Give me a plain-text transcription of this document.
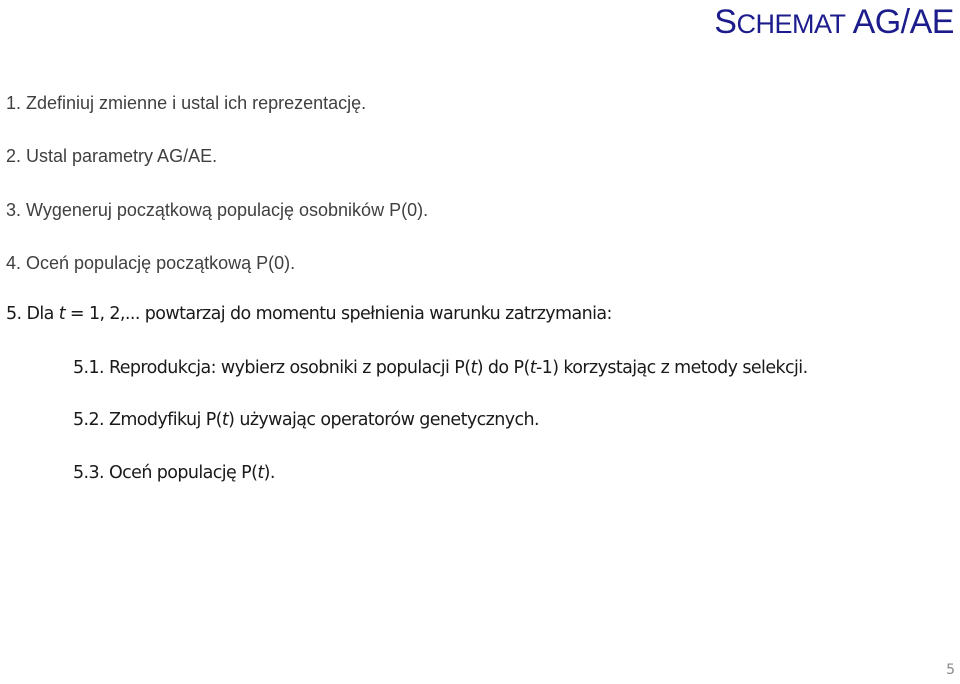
SCHEMAT AG/AE
1. Zdefiniuj zmienne i ustal ich reprezentację.
2. Ustal parametry AG/AE.
3. Wygeneruj początkową populację osobników P(0).
4. Oceń populację początkową P(0).
5. Dla t = 1, 2,... powtarzaj do momentu spełnienia warunku zatrzymania:
5.1. Reprodukcja: wybierz osobniki z populacji P(t) do P(t-1) korzystając z metody selekcji.
5.2. Zmodyfikuj P(t) używając operatorów genetycznych.
5.3. Oceń populację P(t).
5
